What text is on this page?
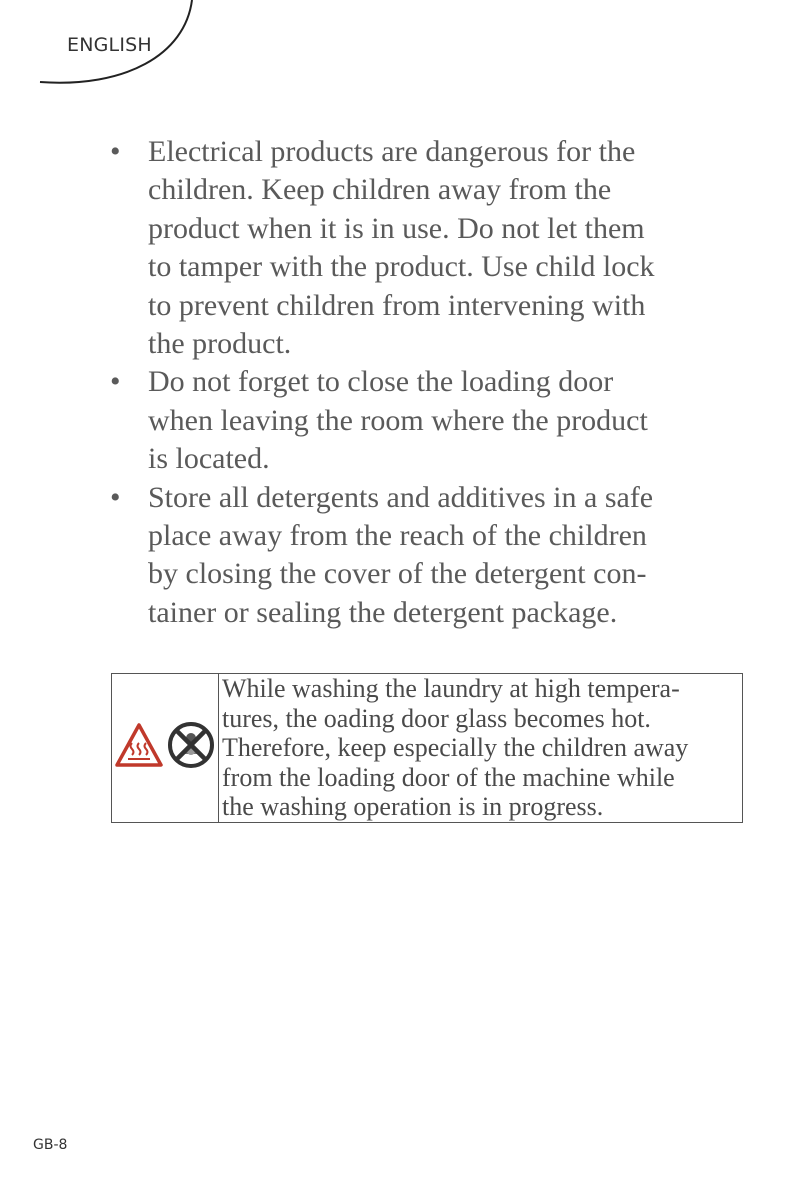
ENGLISH
• Electrical products are dangerous for the
children. Keep children away from the
product when it is in use. Do not let them
to tamper with the product. Use child lock
to prevent children from intervening with
the product.
• Do not forget to close the loading door
when leaving the room where the product
is located.
• Store all detergents and additives in a safe
place away from the reach of the children
by closing the cover of the detergent con-
tainer or sealing the detergent package.
While washing the laundry at high tempera-
tures, the oading door glass becomes hot.
Therefore, keep especially the children away
from the loading door of the machine while
the washing operation is in progress.
GB-8
